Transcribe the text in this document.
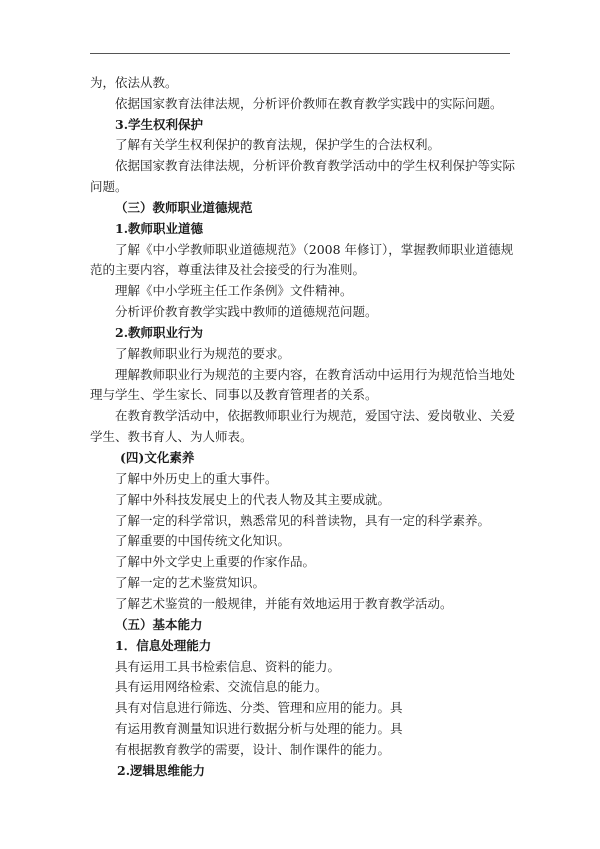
为，依法从教。
依据国家教育法律法规，分析评价教师在教育教学实践中的实际问题。
3.学生权利保护
了解有关学生权利保护的教育法规，保护学生的合法权利。
依据国家教育法律法规，分析评价教育教学活动中的学生权利保护等实际
问题。
（三）教师职业道德规范
1.教师职业道德
了解《中小学教师职业道德规范》（2008 年修订），掌握教师职业道德规
范的主要内容，尊重法律及社会接受的行为准则。
理解《中小学班主任工作条例》文件精神。
分析评价教育教学实践中教师的道德规范问题。
2.教师职业行为
了解教师职业行为规范的要求。
理解教师职业行为规范的主要内容，在教育活动中运用行为规范恰当地处
理与学生、学生家长、同事以及教育管理者的关系。
在教育教学活动中，依据教师职业行为规范，爱国守法、爱岗敬业、关爱
学生、教书育人、为人师表。
(四)文化素养
了解中外历史上的重大事件。
了解中外科技发展史上的代表人物及其主要成就。
了解一定的科学常识，熟悉常见的科普读物，具有一定的科学素养。
了解重要的中国传统文化知识。
了解中外文学史上重要的作家作品。
了解一定的艺术鉴赏知识。
了解艺术鉴赏的一般规律，并能有效地运用于教育教学活动。
（五）基本能力
1．信息处理能力
具有运用工具书检索信息、资料的能力。
具有运用网络检索、交流信息的能力。
具有对信息进行筛选、分类、管理和应用的能力。具
有运用教育测量知识进行数据分析与处理的能力。具
有根据教育教学的需要，设计、制作课件的能力。
2.逻辑思维能力
